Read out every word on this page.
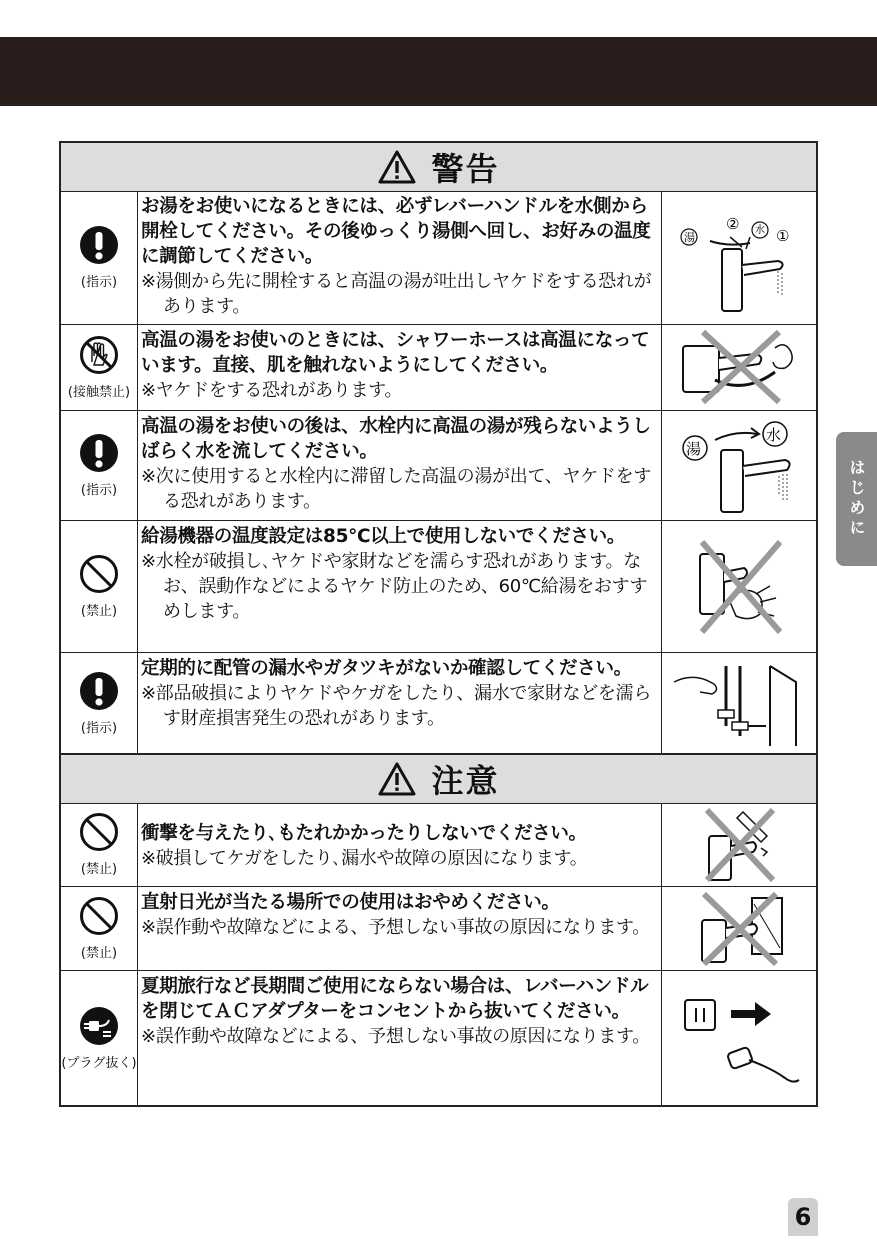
警告
(指示)
お湯をお使いになるときには、必ずレバーハンドルを水側から開栓してください。その後ゆっくり湯側へ回し、お好みの温度に調節してください。
※湯側から先に開栓すると高温の湯が吐出しヤケドをする恐れがあります。
湯
② 水 ①
(接触禁止)
高温の湯をお使いのときには、シャワーホースは高温になっています。直接、肌を触れないようにしてください。
※ヤケドをする恐れがあります。
(指示)
高温の湯をお使いの後は、水栓内に高温の湯が残らないようしばらく水を流してください。
※次に使用すると水栓内に滞留した高温の湯が出て、ヤケドをする恐れがあります。
湯
水
(禁止)
給湯機器の温度設定は85℃以上で使用しないでください。
※水栓が破損し､ヤケドや家財などを濡らす恐れがあります。なお、誤動作などによるヤケド防止のため、60℃給湯をおすすめします。
(指示)
定期的に配管の漏水やガタツキがないか確認してください。
※部品破損によりヤケドやケガをしたり、漏水で家財などを濡らす財産損害発生の恐れがあります。
注意
(禁止)
衝撃を与えたり､もたれかかったりしないでください。
※破損してケガをしたり､漏水や故障の原因になります。
(禁止)
直射日光が当たる場所での使用はおやめください。
※誤作動や故障などによる、予想しない事故の原因になります。
(プラグ抜く)
夏期旅行など長期間ご使用にならない場合は、レバーハンドルを閉じてＡＣアダプターをコンセントから抜いてください。
※誤作動や故障などによる、予想しない事故の原因になります。
はじめに
6
